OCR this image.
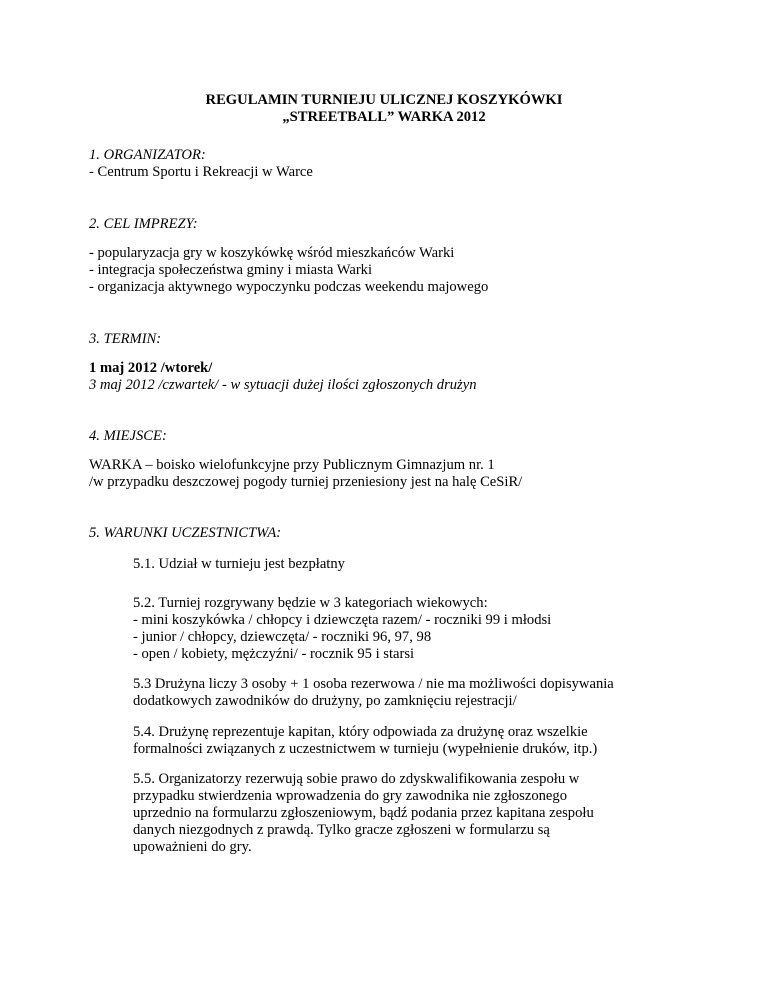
REGULAMIN TURNIEJU ULICZNEJ KOSZYKÓWKI
„STREETBALL” WARKA 2012
1. ORGANIZATOR:
- Centrum Sportu i Rekreacji w Warce
2. CEL IMPREZY:
- popularyzacja gry w koszykówkę wśród mieszkańców Warki
- integracja społeczeństwa gminy i miasta Warki
- organizacja aktywnego wypoczynku podczas weekendu majowego
3. TERMIN:
1 maj 2012 /wtorek/
3 maj 2012 /czwartek/ - w sytuacji dużej ilości zgłoszonych drużyn
4. MIEJSCE:
WARKA – boisko wielofunkcyjne przy Publicznym Gimnazjum nr. 1
/w przypadku deszczowej pogody turniej przeniesiony jest na halę CeSiR/
5. WARUNKI UCZESTNICTWA:
5.1. Udział w turnieju jest bezpłatny
5.2. Turniej rozgrywany będzie w 3 kategoriach wiekowych:
- mini koszykówka / chłopcy i dziewczęta razem/ - roczniki 99 i młodsi
- junior / chłopcy, dziewczęta/ - roczniki 96, 97, 98
- open / kobiety, mężczyźni/ - rocznik 95 i starsi
5.3 Drużyna liczy 3 osoby + 1 osoba rezerwowa / nie ma możliwości dopisywania
dodatkowych zawodników do drużyny, po zamknięciu rejestracji/
5.4. Drużynę reprezentuje kapitan, który odpowiada za drużynę oraz wszelkie
formalności związanych z uczestnictwem w turnieju (wypełnienie druków, itp.)
5.5. Organizatorzy rezerwują sobie prawo do zdyskwalifikowania zespołu w
przypadku stwierdzenia wprowadzenia do gry zawodnika nie zgłoszonego
uprzednio na formularzu zgłoszeniowym, bądź podania przez kapitana zespołu
danych niezgodnych z prawdą. Tylko gracze zgłoszeni w formularzu są
upoważnieni do gry.
